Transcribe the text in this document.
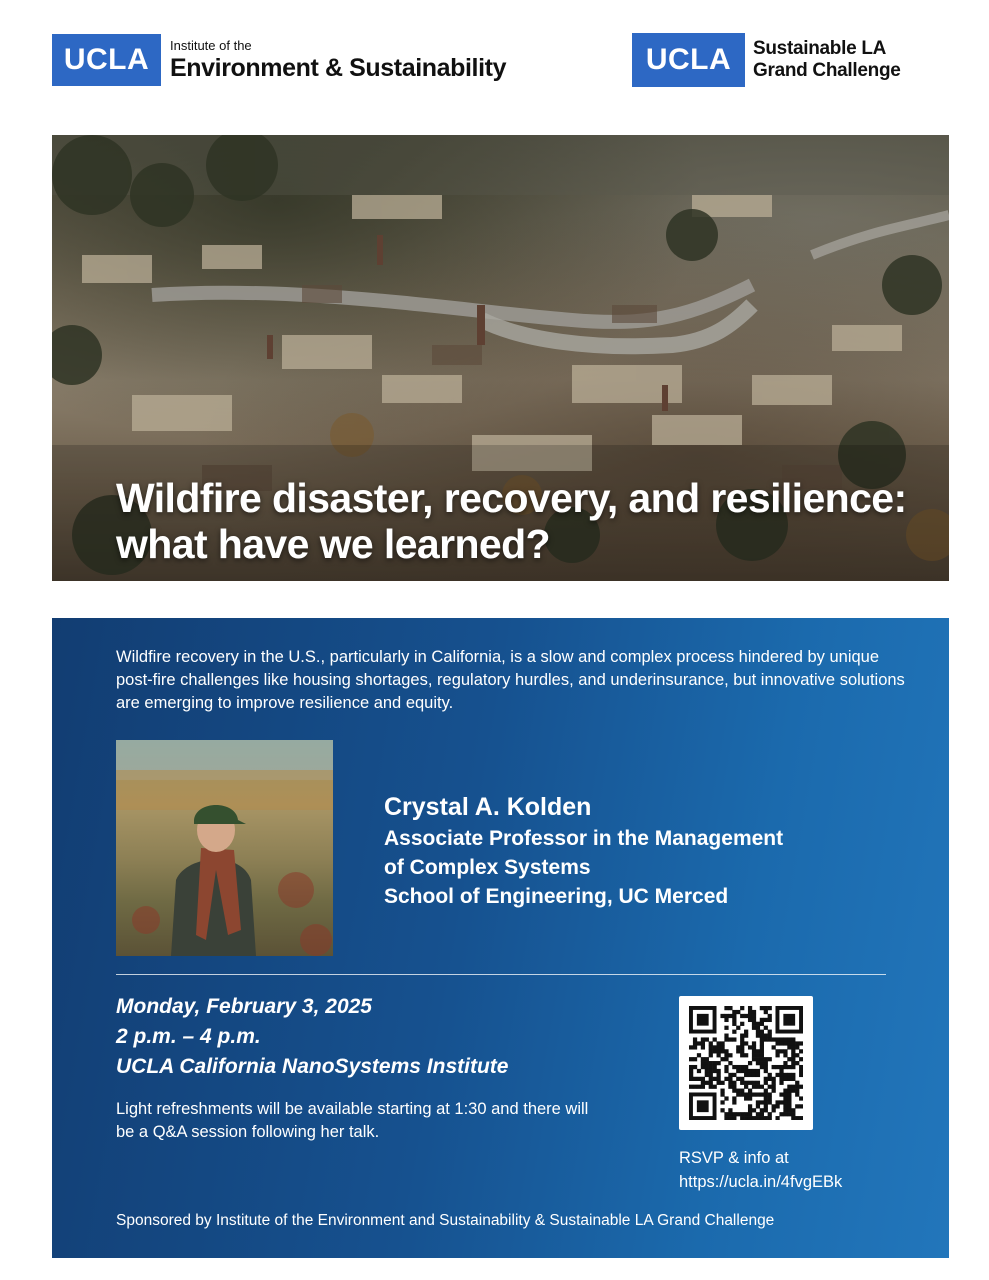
UCLA	Institute of the
Environment & Sustainability	UCLA	Sustainable LA
Grand Challenge
Wildfire disaster, recovery, and resilience: what have we learned?
Wildfire recovery in the U.S., particularly in California, is a slow and complex process hindered by unique post-fire challenges like housing shortages, regulatory hurdles, and underinsurance, but innovative solutions are emerging to improve resilience and equity.
Crystal A. Kolden
Associate Professor in the Management
of Complex Systems
School of Engineering, UC Merced
Monday, February 3, 2025
2 p.m. – 4 p.m.
UCLA California NanoSystems Institute
Light refreshments will be available starting at 1:30 and there will be a Q&A session following her talk.
RSVP & info at
https://ucla.in/4fvgEBk
Sponsored by Institute of the Environment and Sustainability & Sustainable LA Grand Challenge
